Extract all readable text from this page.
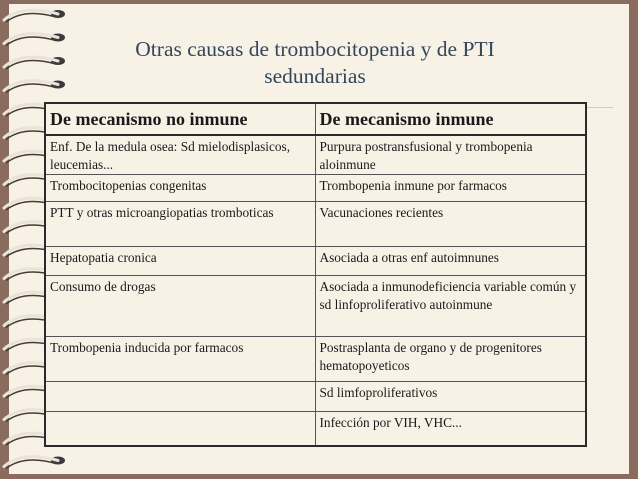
Otras causas de trombocitopenia y de PTI
sedundarias
De mecanismo no inmune	De mecanismo inmune
Enf. De la medula osea: Sd mielodisplasicos, leucemias...	Purpura postransfusional y trombopenia aloinmune
Trombocitopenias congenitas	Trombopenia inmune por farmacos
PTT y otras microangiopatias tromboticas	Vacunaciones recientes
Hepatopatia cronica	Asociada a otras enf autoimnunes
Consumo de drogas	Asociada a inmunodeficiencia variable común y sd linfoproliferativo autoinmune
Trombopenia inducida por farmacos	Postrasplanta de organo y de progenitores hematopoyeticos
	Sd limfoproliferativos
	Infección por VIH, VHC...
